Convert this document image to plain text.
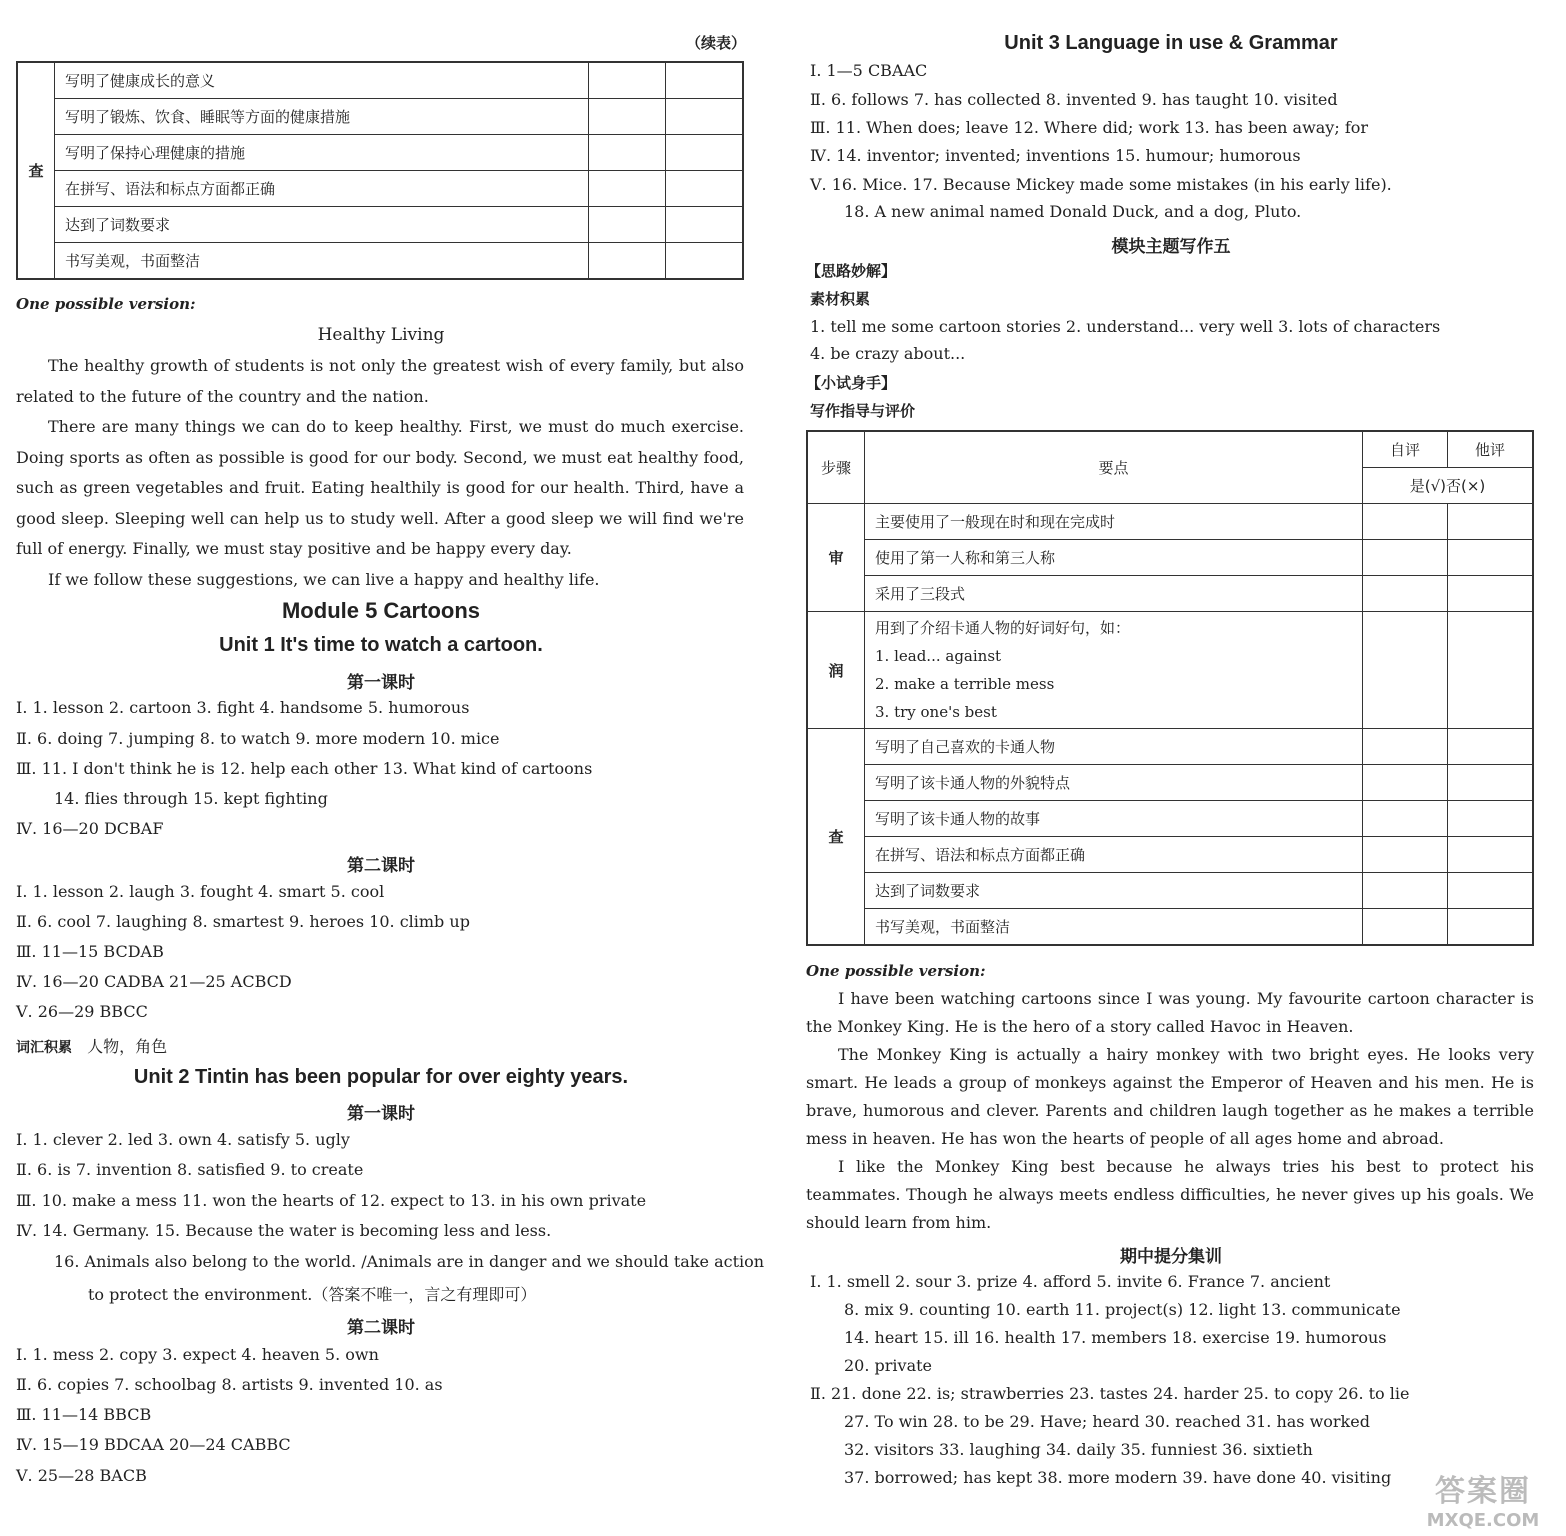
（续表）
查	写明了健康成长的意义		
	写明了锻炼、饮食、睡眠等方面的健康措施		
	写明了保持心理健康的措施		
	在拼写、语法和标点方面都正确		
	达到了词数要求		
	书写美观，书面整洁		
One possible version:
Healthy Living

The healthy growth of students is not only the greatest wish of every family, but also related to the future of the country and the nation.

There are many things we can do to keep healthy. First, we must do much exercise. Doing sports as often as possible is good for our body. Second, we must eat healthy food, such as green vegetables and fruit. Eating healthily is good for our health. Third, have a good sleep. Sleeping well can help us to study well. After a good sleep we will find we're full of energy. Finally, we must stay positive and be happy every day.

If we follow these suggestions, we can live a happy and healthy life.

Module 5 Cartoons
Unit 1 It's time to watch a cartoon.
第一课时
Ⅰ. 1. lesson 2. cartoon 3. fight 4. handsome 5. humorous
Ⅱ. 6. doing 7. jumping 8. to watch 9. more modern 10. mice
Ⅲ. 11. I don't think he is 12. help each other 13. What kind of cartoons
14. flies through 15. kept fighting
Ⅳ. 16—20 DCBAF
第二课时
Ⅰ. 1. lesson 2. laugh 3. fought 4. smart 5. cool
Ⅱ. 6. cool 7. laughing 8. smartest 9. heroes 10. climb up
Ⅲ. 11—15 BCDAB
Ⅳ. 16—20 CADBA 21—25 ACBCD
Ⅴ. 26—29 BBCC
词汇积累 人物，角色
Unit 2 Tintin has been popular for over eighty years.
第一课时
Ⅰ. 1. clever 2. led 3. own 4. satisfy 5. ugly
Ⅱ. 6. is 7. invention 8. satisfied 9. to create
Ⅲ. 10. make a mess 11. won the hearts of 12. expect to 13. in his own private
Ⅳ. 14. Germany. 15. Because the water is becoming less and less.
16. Animals also belong to the world. /Animals are in danger and we should take action
to protect the environment.（答案不唯一，言之有理即可）
第二课时
Ⅰ. 1. mess 2. copy 3. expect 4. heaven 5. own
Ⅱ. 6. copies 7. schoolbag 8. artists 9. invented 10. as
Ⅲ. 11—14 BBCB
Ⅳ. 15—19 BDCAA 20—24 CABBC
Ⅴ. 25—28 BACB
Unit 3 Language in use & Grammar
Ⅰ. 1—5 CBAAC
Ⅱ. 6. follows 7. has collected 8. invented 9. has taught 10. visited
Ⅲ. 11. When does; leave 12. Where did; work 13. has been away; for
Ⅳ. 14. inventor; invented; inventions 15. humour; humorous
Ⅴ. 16. Mice. 17. Because Mickey made some mistakes (in his early life).
18. A new animal named Donald Duck, and a dog, Pluto.
模块主题写作五
【思路妙解】
素材积累
1. tell me some cartoon stories 2. understand... very well 3. lots of characters
4. be crazy about...
【小试身手】
写作指导与评价
步骤	要点	自评	他评
		是(√)否(×)	
审	主要使用了一般现在时和现在完成时		
	使用了第一人称和第三人称		
	采用了三段式		
润	用到了介绍卡通人物的好词好句，如：
1. lead... against
2. make a terrible mess
3. try one's best		

查	写明了自己喜欢的卡通人物		
	写明了该卡通人物的外貌特点		
	写明了该卡通人物的故事		
	在拼写、语法和标点方面都正确		
	达到了词数要求		
	书写美观，书面整洁		
One possible version:

I have been watching cartoons since I was young. My favourite cartoon character is the Monkey King. He is the hero of a story called Havoc in Heaven.

The Monkey King is actually a hairy monkey with two bright eyes. He looks very smart. He leads a group of monkeys against the Emperor of Heaven and his men. He is brave, humorous and clever. Parents and children laugh together as he makes a terrible mess in heaven. He has won the hearts of people of all ages home and abroad.

I like the Monkey King best because he always tries his best to protect his teammates. Though he always meets endless difficulties, he never gives up his goals. We should learn from him.

期中提分集训
Ⅰ. 1. smell 2. sour 3. prize 4. afford 5. invite 6. France 7. ancient
8. mix 9. counting 10. earth 11. project(s) 12. light 13. communicate
14. heart 15. ill 16. health 17. members 18. exercise 19. humorous
20. private
Ⅱ. 21. done 22. is; strawberries 23. tastes 24. harder 25. to copy 26. to lie
27. To win 28. to be 29. Have; heard 30. reached 31. has worked
32. visitors 33. laughing 34. daily 35. funniest 36. sixtieth
37. borrowed; has kept 38. more modern 39. have done 40. visiting	答案圈
MXQE.COM
